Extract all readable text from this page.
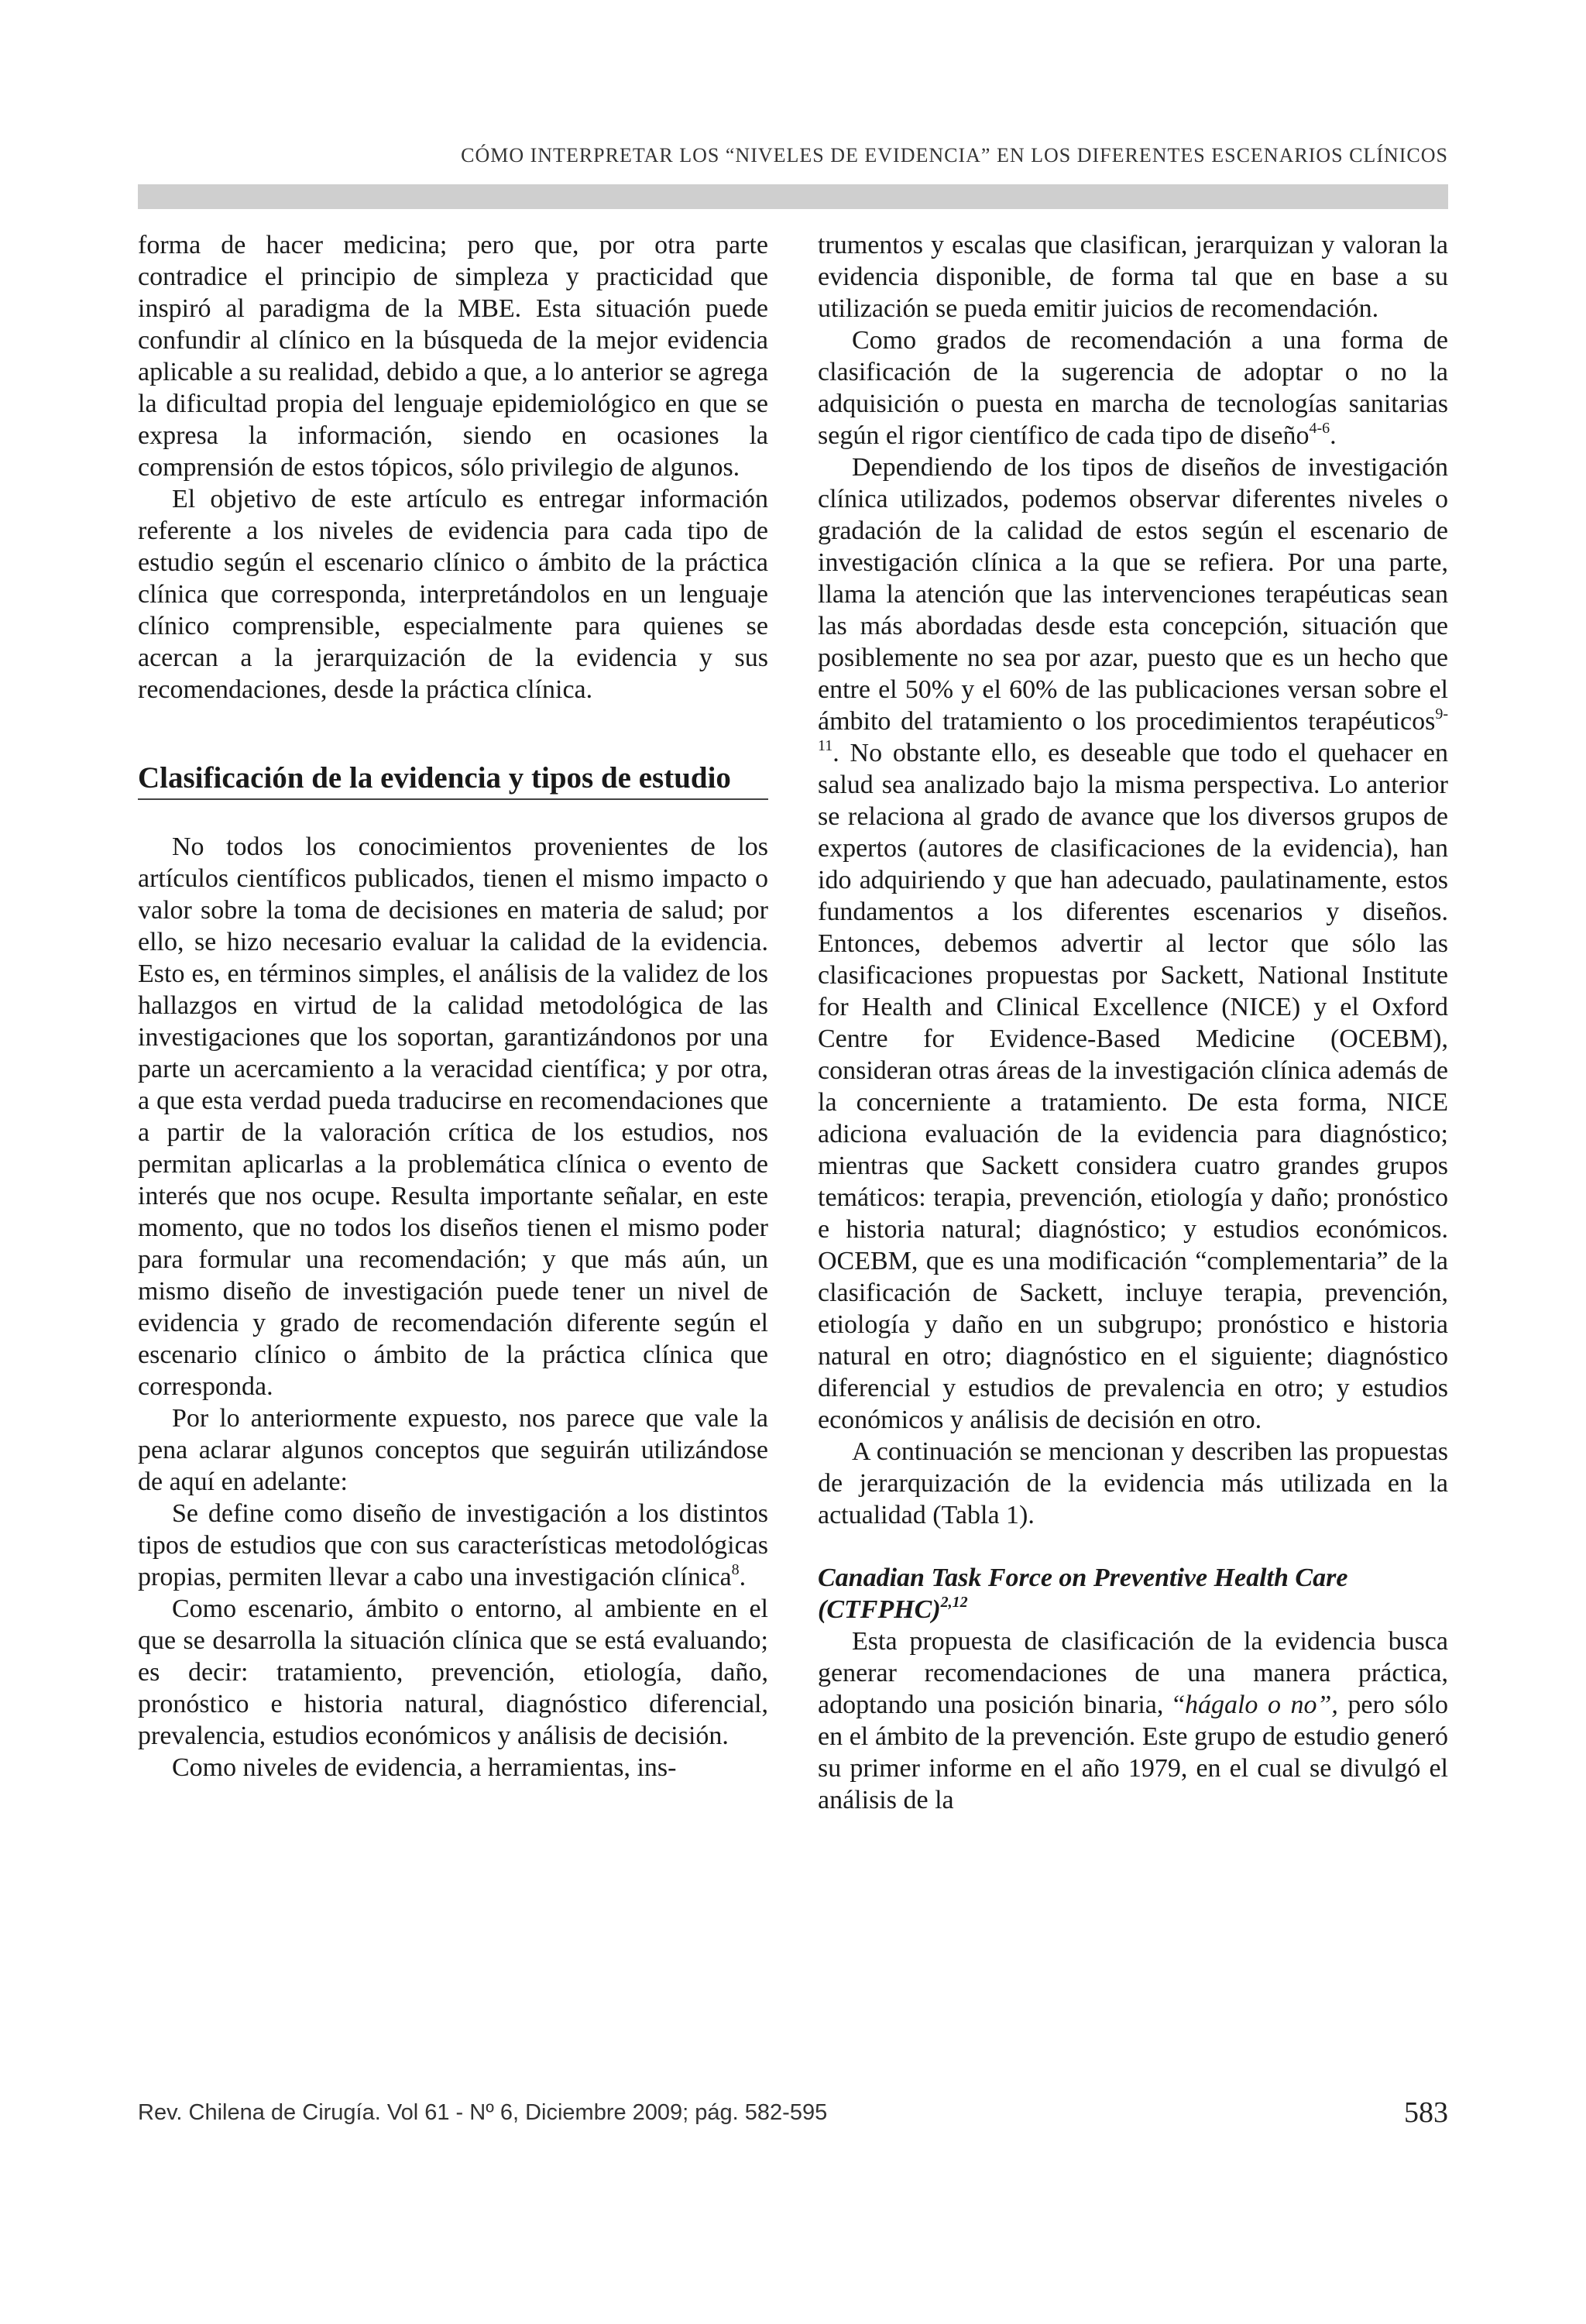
CÓMO INTERPRETAR LOS “NIVELES DE EVIDENCIA” EN LOS DIFERENTES ESCENARIOS CLÍNICOS

forma de hacer medicina; pero que, por otra parte contradice el principio de simpleza y practicidad que inspiró al paradigma de la MBE. Esta situación puede confundir al clínico en la búsqueda de la mejor evidencia aplicable a su realidad, debido a que, a lo anterior se agrega la dificultad propia del lenguaje epidemiológico en que se expresa la información, siendo en ocasiones la comprensión de estos tópicos, sólo privilegio de algunos.

El objetivo de este artículo es entregar información referente a los niveles de evidencia para cada tipo de estudio según el escenario clínico o ámbito de la práctica clínica que corresponda, interpretándolos en un lenguaje clínico comprensible, especialmente para quienes se acercan a la jerarquización de la evidencia y sus recomendaciones, desde la práctica clínica.

Clasificación de la evidencia y tipos de estudio

No todos los conocimientos provenientes de los artículos científicos publicados, tienen el mismo impacto o valor sobre la toma de decisiones en materia de salud; por ello, se hizo necesario evaluar la calidad de la evidencia. Esto es, en términos simples, el análisis de la validez de los hallazgos en virtud de la calidad metodológica de las investigaciones que los soportan, garantizándonos por una parte un acercamiento a la veracidad científica; y por otra, a que esta verdad pueda traducirse en recomendaciones que a partir de la valoración crítica de los estudios, nos permitan aplicarlas a la problemática clínica o evento de interés que nos ocupe. Resulta importante señalar, en este momento, que no todos los diseños tienen el mismo poder para formular una recomendación; y que más aún, un mismo diseño de investigación puede tener un nivel de evidencia y grado de recomendación diferente según el escenario clínico o ámbito de la práctica clínica que corresponda.

Por lo anteriormente expuesto, nos parece que vale la pena aclarar algunos conceptos que seguirán utilizándose de aquí en adelante:

Se define como diseño de investigación a los distintos tipos de estudios que con sus características metodológicas propias, permiten llevar a cabo una investigación clínica$^8$.

Como escenario, ámbito o entorno, al ambiente en el que se desarrolla la situación clínica que se está evaluando; es decir: tratamiento, prevención, etiología, daño, pronóstico e historia natural, diagnóstico diferencial, prevalencia, estudios económicos y análisis de decisión.

Como niveles de evidencia, a herramientas, ins-

trumentos y escalas que clasifican, jerarquizan y valoran la evidencia disponible, de forma tal que en base a su utilización se pueda emitir juicios de recomendación.

Como grados de recomendación a una forma de clasificación de la sugerencia de adoptar o no la adquisición o puesta en marcha de tecnologías sanitarias según el rigor científico de cada tipo de diseño$^{4-6}$.

Dependiendo de los tipos de diseños de investigación clínica utilizados, podemos observar diferentes niveles o gradación de la calidad de estos según el escenario de investigación clínica a la que se refiera. Por una parte, llama la atención que las intervenciones terapéuticas sean las más abordadas desde esta concepción, situación que posiblemente no sea por azar, puesto que es un hecho que entre el 50% y el 60% de las publicaciones versan sobre el ámbito del tratamiento o los procedimientos terapéuticos$^{9-11}$. No obstante ello, es deseable que todo el quehacer en salud sea analizado bajo la misma perspectiva. Lo anterior se relaciona al grado de avance que los diversos grupos de expertos (autores de clasificaciones de la evidencia), han ido adquiriendo y que han adecuado, paulatinamente, estos fundamentos a los diferentes escenarios y diseños. Entonces, debemos advertir al lector que sólo las clasificaciones propuestas por Sackett, National Institute for Health and Clinical Excellence (NICE) y el Oxford Centre for Evidence-Based Medicine (OCEBM), consideran otras áreas de la investigación clínica además de la concerniente a tratamiento. De esta forma, NICE adiciona evaluación de la evidencia para diagnóstico; mientras que Sackett considera cuatro grandes grupos temáticos: terapia, prevención, etiología y daño; pronóstico e historia natural; diagnóstico; y estudios económicos. OCEBM, que es una modificación “complementaria” de la clasificación de Sackett, incluye terapia, prevención, etiología y daño en un subgrupo; pronóstico e historia natural en otro; diagnóstico en el siguiente; diagnóstico diferencial y estudios de prevalencia en otro; y estudios económicos y análisis de decisión en otro.

A continuación se mencionan y describen las propuestas de jerarquización de la evidencia más utilizada en la actualidad (Tabla 1).

Canadian Task Force on Preventive Health Care (CTFPHC)$^{2,12}$

Esta propuesta de clasificación de la evidencia busca generar recomendaciones de una manera práctica, adoptando una posición binaria, “hágalo o no”, pero sólo en el ámbito de la prevención. Este grupo de estudio generó su primer informe en el año 1979, en el cual se divulgó el análisis de la

Rev. Chilena de Cirugía. Vol 61 - Nº 6, Diciembre 2009; pág. 582-595	583
